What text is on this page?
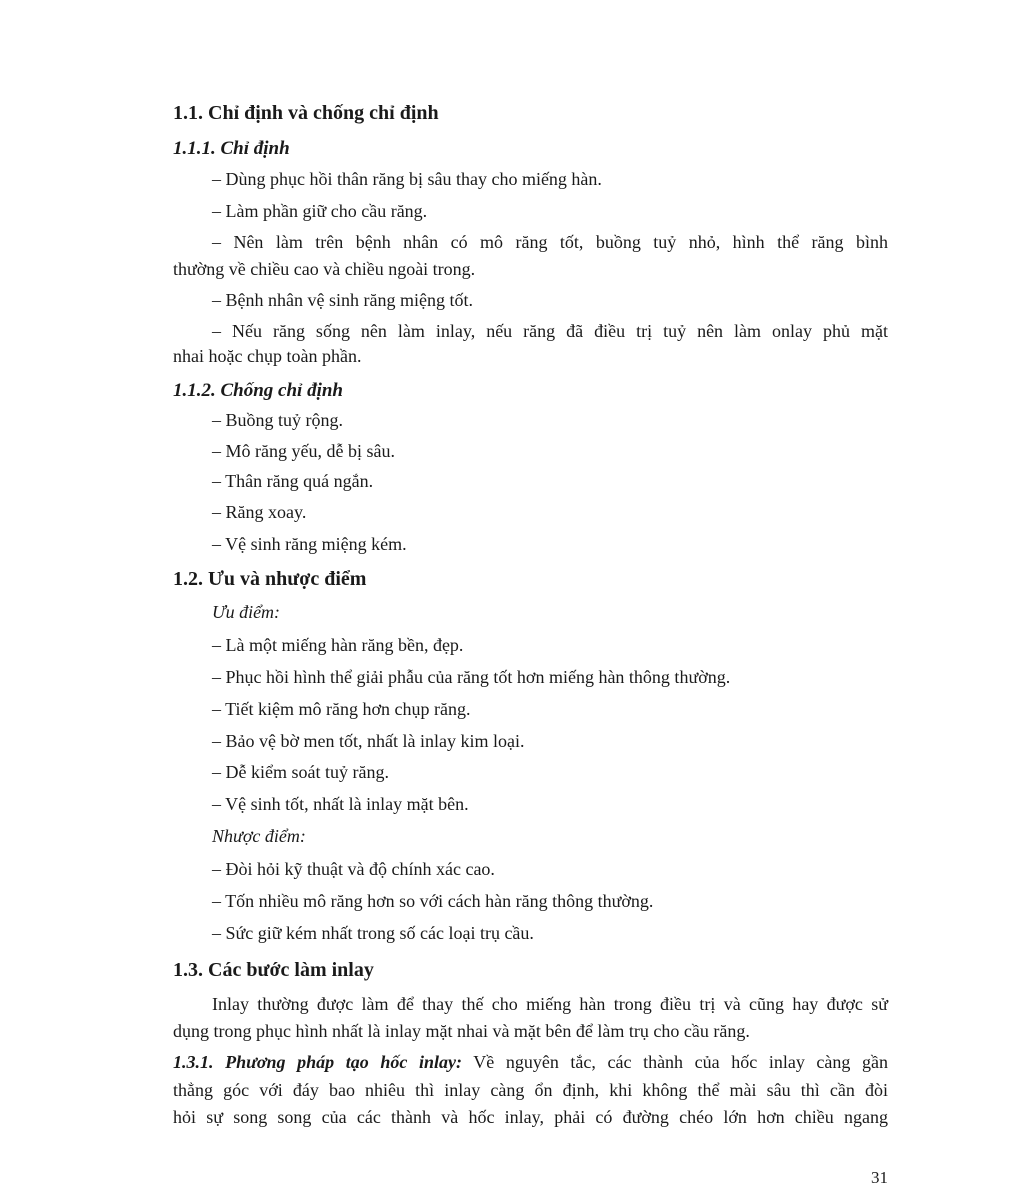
1.1. Chỉ định và chống chỉ định
1.1.1. Chỉ định
– Dùng phục hồi thân răng bị sâu thay cho miếng hàn.
– Làm phần giữ cho cầu răng.
– Nên làm trên bệnh nhân có mô răng tốt, buồng tuỷ nhỏ, hình thể răng bình
thường về chiều cao và chiều ngoài trong.
– Bệnh nhân vệ sinh răng miệng tốt.
– Nếu răng sống nên làm inlay, nếu răng đã điều trị tuỷ nên làm onlay phủ mặt
nhai hoặc chụp toàn phần.
1.1.2. Chống chỉ định
– Buồng tuỷ rộng.
– Mô răng yếu, dễ bị sâu.
– Thân răng quá ngắn.
– Răng xoay.
– Vệ sinh răng miệng kém.
1.2. Ưu và nhược điểm
Ưu điểm:
– Là một miếng hàn răng bền, đẹp.
– Phục hồi hình thể giải phẫu của răng tốt hơn miếng hàn thông thường.
– Tiết kiệm mô răng hơn chụp răng.
– Bảo vệ bờ men tốt, nhất là inlay kim loại.
– Dễ kiểm soát tuỷ răng.
– Vệ sinh tốt, nhất là inlay mặt bên.
Nhược điểm:
– Đòi hỏi kỹ thuật và độ chính xác cao.
– Tốn nhiều mô răng hơn so với cách hàn răng thông thường.
– Sức giữ kém nhất trong số các loại trụ cầu.
1.3. Các bước làm inlay
Inlay thường được làm để thay thế cho miếng hàn trong điều trị và cũng hay được sử
dụng trong phục hình nhất là inlay mặt nhai và mặt bên để làm trụ cho cầu răng.
1.3.1. Phương pháp tạo hốc inlay: Về nguyên tắc, các thành của hốc inlay càng gần
thẳng góc với đáy bao nhiêu thì inlay càng ổn định, khi không thể mài sâu thì cần đòi
hỏi sự song song của các thành và hốc inlay, phải có đường chéo lớn hơn chiều ngang
31
